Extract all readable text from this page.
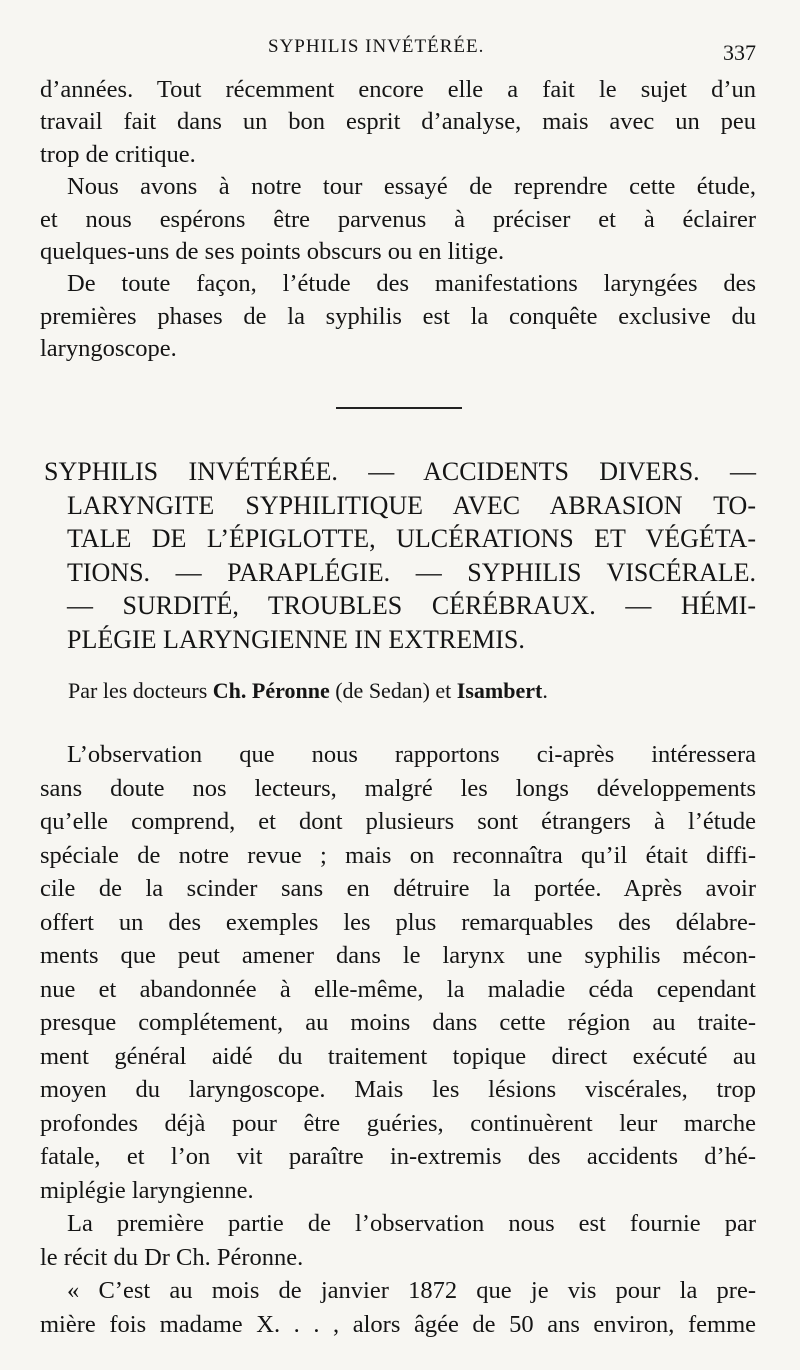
SYPHILIS INVÉTÉRÉE.	337
d’années. Tout récemment encore elle a fait le sujet d’un
travail fait dans un bon esprit d’analyse, mais avec un peu
trop de critique.
Nous avons à notre tour essayé de reprendre cette étude,
et nous espérons être parvenus à préciser et à éclairer
quelques-uns de ses points obscurs ou en litige.
De toute façon, l’étude des manifestations laryngées des
premières phases de la syphilis est la conquête exclusive du
laryngoscope.
SYPHILIS INVÉTÉRÉE. — ACCIDENTS DIVERS. —
LARYNGITE SYPHILITIQUE AVEC ABRASION TO-
TALE DE L’ÉPIGLOTTE, ULCÉRATIONS ET VÉGÉTA-
TIONS. — PARAPLÉGIE. — SYPHILIS VISCÉRALE.
— SURDITÉ, TROUBLES CÉRÉBRAUX. — HÉMI-
PLÉGIE LARYNGIENNE IN EXTREMIS.
Par les docteurs Ch. Péronne (de Sedan) et Isambert.
L’observation que nous rapportons ci-après intéressera
sans doute nos lecteurs, malgré les longs développements
qu’elle comprend, et dont plusieurs sont étrangers à l’étude
spéciale de notre revue ; mais on reconnaîtra qu’il était diffi-
cile de la scinder sans en détruire la portée. Après avoir
offert un des exemples les plus remarquables des délabre-
ments que peut amener dans le larynx une syphilis mécon-
nue et abandonnée à elle-même, la maladie céda cependant
presque complétement, au moins dans cette région au traite-
ment général aidé du traitement topique direct exécuté au
moyen du laryngoscope. Mais les lésions viscérales, trop
profondes déjà pour être guéries, continuèrent leur marche
fatale, et l’on vit paraître in-extremis des accidents d’hé-
miplégie laryngienne.
La première partie de l’observation nous est fournie par
le récit du Dr Ch. Péronne.
« C’est au mois de janvier 1872 que je vis pour la pre-
mière fois madame X. . . , alors âgée de 50 ans environ, femme
